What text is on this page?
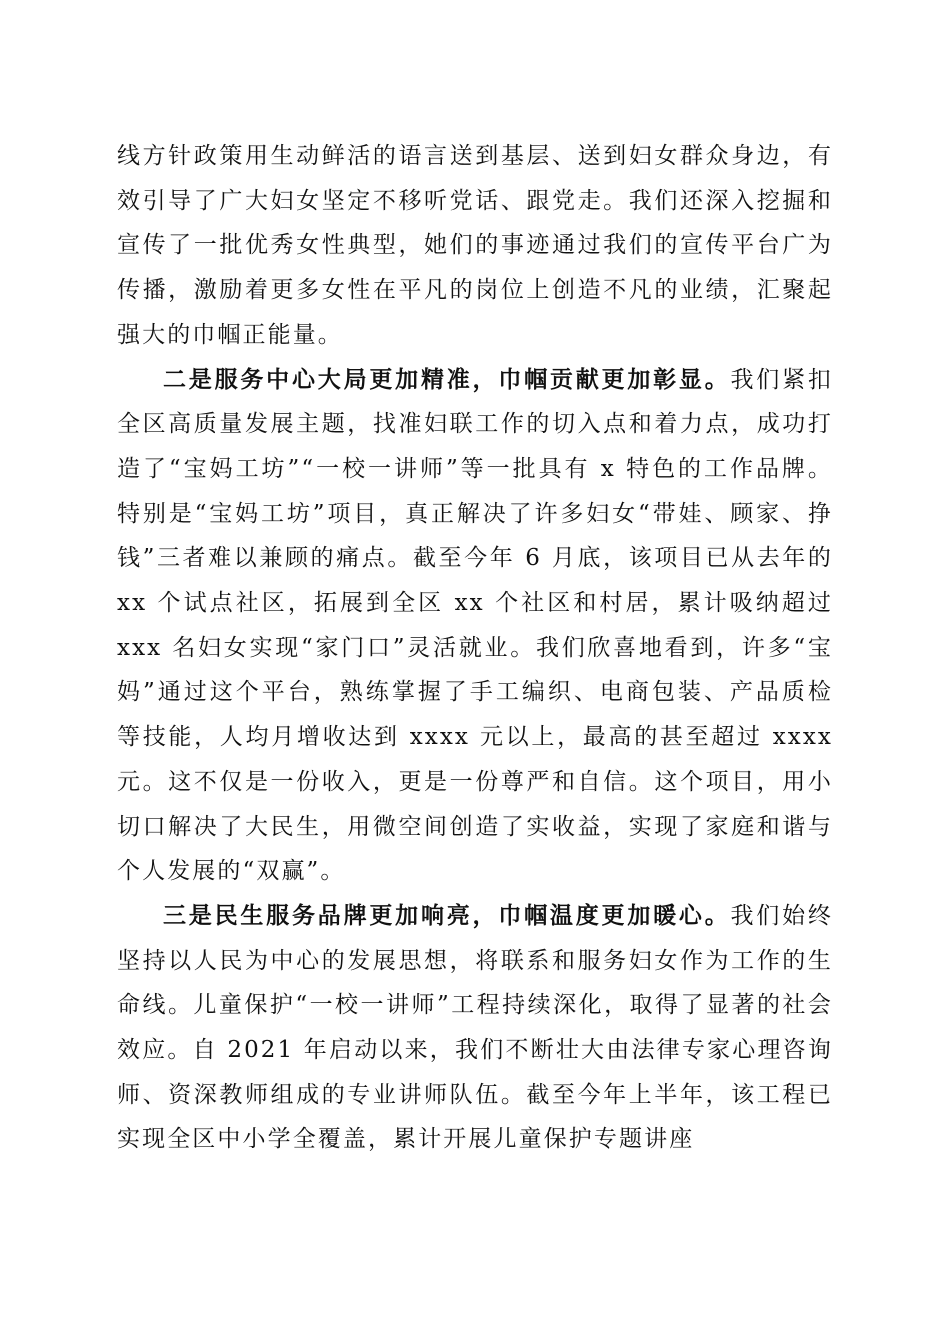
线方针政策用生动鲜活的语言送到基层、送到妇女群众身边，有效引导了广大妇女坚定不移听党话、跟党走。我们还深入挖掘和宣传了一批优秀女性典型，她们的事迹通过我们的宣传平台广为传播，激励着更多女性在平凡的岗位上创造不凡的业绩，汇聚起强大的巾帼正能量。

二是服务中心大局更加精准，巾帼贡献更加彰显。我们紧扣全区高质量发展主题，找准妇联工作的切入点和着力点，成功打造了“宝妈工坊”“一校一讲师”等一批具有 x 特色的工作品牌。特别是“宝妈工坊”项目，真正解决了许多妇女“带娃、顾家、挣钱”三者难以兼顾的痛点。截至今年 6 月底，该项目已从去年的 xx 个试点社区，拓展到全区 xx 个社区和村居，累计吸纳超过 xxx 名妇女实现“家门口”灵活就业。我们欣喜地看到，许多“宝妈”通过这个平台，熟练掌握了手工编织、电商包装、产品质检等技能，人均月增收达到 xxxx 元以上，最高的甚至超过 xxxx 元。这不仅是一份收入，更是一份尊严和自信。这个项目，用小切口解决了大民生，用微空间创造了实收益，实现了家庭和谐与个人发展的“双赢”。

三是民生服务品牌更加响亮，巾帼温度更加暖心。我们始终坚持以人民为中心的发展思想，将联系和服务妇女作为工作的生命线。儿童保护“一校一讲师”工程持续深化，取得了显著的社会效应。自 2021 年启动以来，我们不断壮大由法律专家心理咨询师、资深教师组成的专业讲师队伍。截至今年上半年，该工程已实现全区中小学全覆盖，累计开展儿童保护专题讲座
